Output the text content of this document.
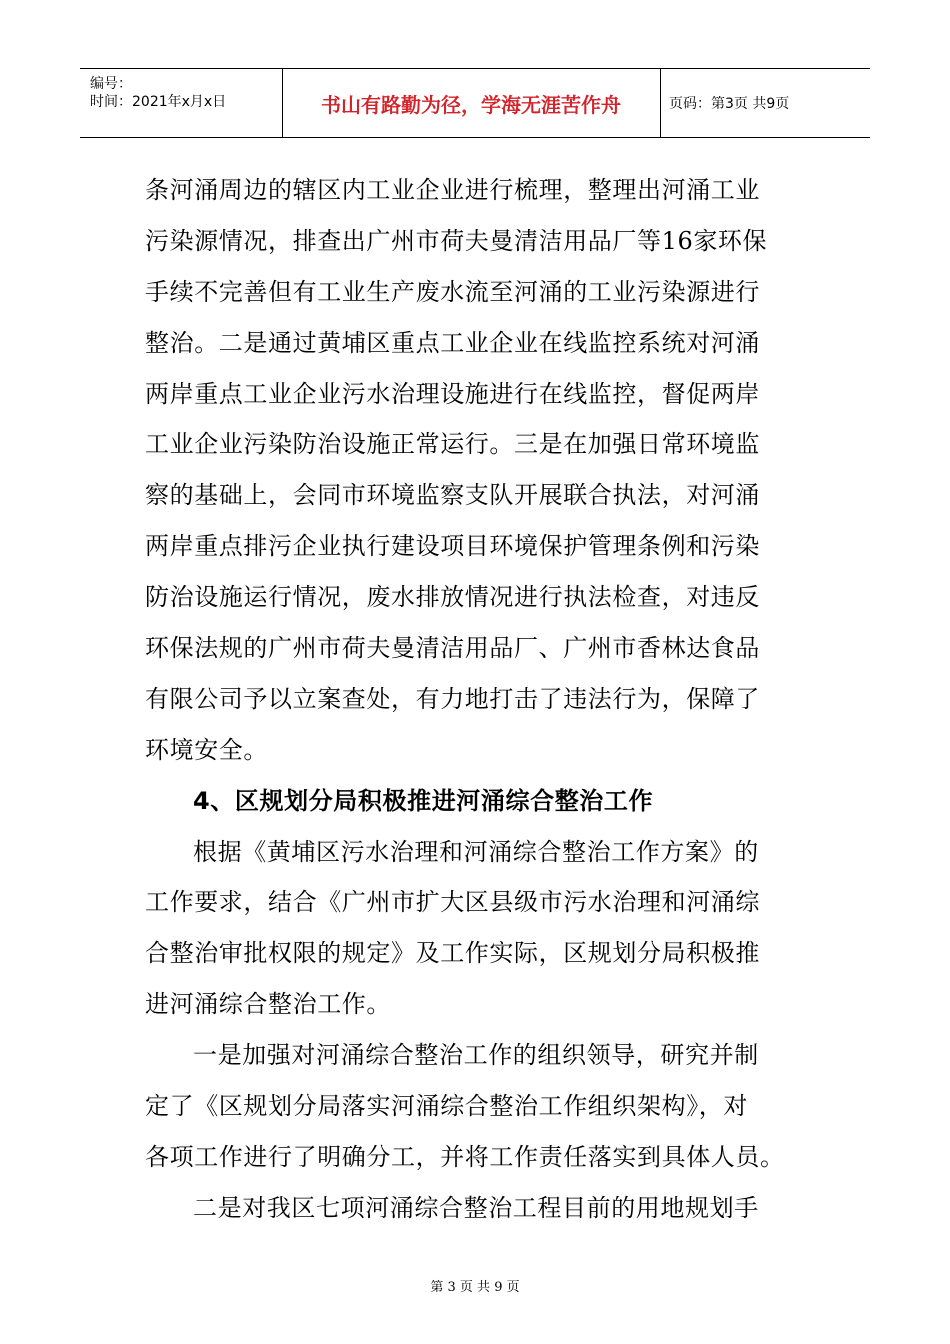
编号：
时间：2021年x月x日	书山有路勤为径，学海无涯苦作舟	页码：第3页 共9页
条河涌周边的辖区内工业企业进行梳理，整理出河涌工业
污染源情况，排查出广州市荷夫曼清洁用品厂等16家环保
手续不完善但有工业生产废水流至河涌的工业污染源进行
整治。二是通过黄埔区重点工业企业在线监控系统对河涌
两岸重点工业企业污水治理设施进行在线监控，督促两岸
工业企业污染防治设施正常运行。三是在加强日常环境监
察的基础上，会同市环境监察支队开展联合执法，对河涌
两岸重点排污企业执行建设项目环境保护管理条例和污染
防治设施运行情况，废水排放情况进行执法检查，对违反
环保法规的广州市荷夫曼清洁用品厂、广州市香林达食品
有限公司予以立案查处，有力地打击了违法行为，保障了
环境安全。
4、区规划分局积极推进河涌综合整治工作
根据《黄埔区污水治理和河涌综合整治工作方案》的
工作要求，结合《广州市扩大区县级市污水治理和河涌综
合整治审批权限的规定》及工作实际，区规划分局积极推
进河涌综合整治工作。
一是加强对河涌综合整治工作的组织领导，研究并制
定了《区规划分局落实河涌综合整治工作组织架构》，对
各项工作进行了明确分工，并将工作责任落实到具体人员。
二是对我区七项河涌综合整治工程目前的用地规划手
第 3 页 共 9 页
